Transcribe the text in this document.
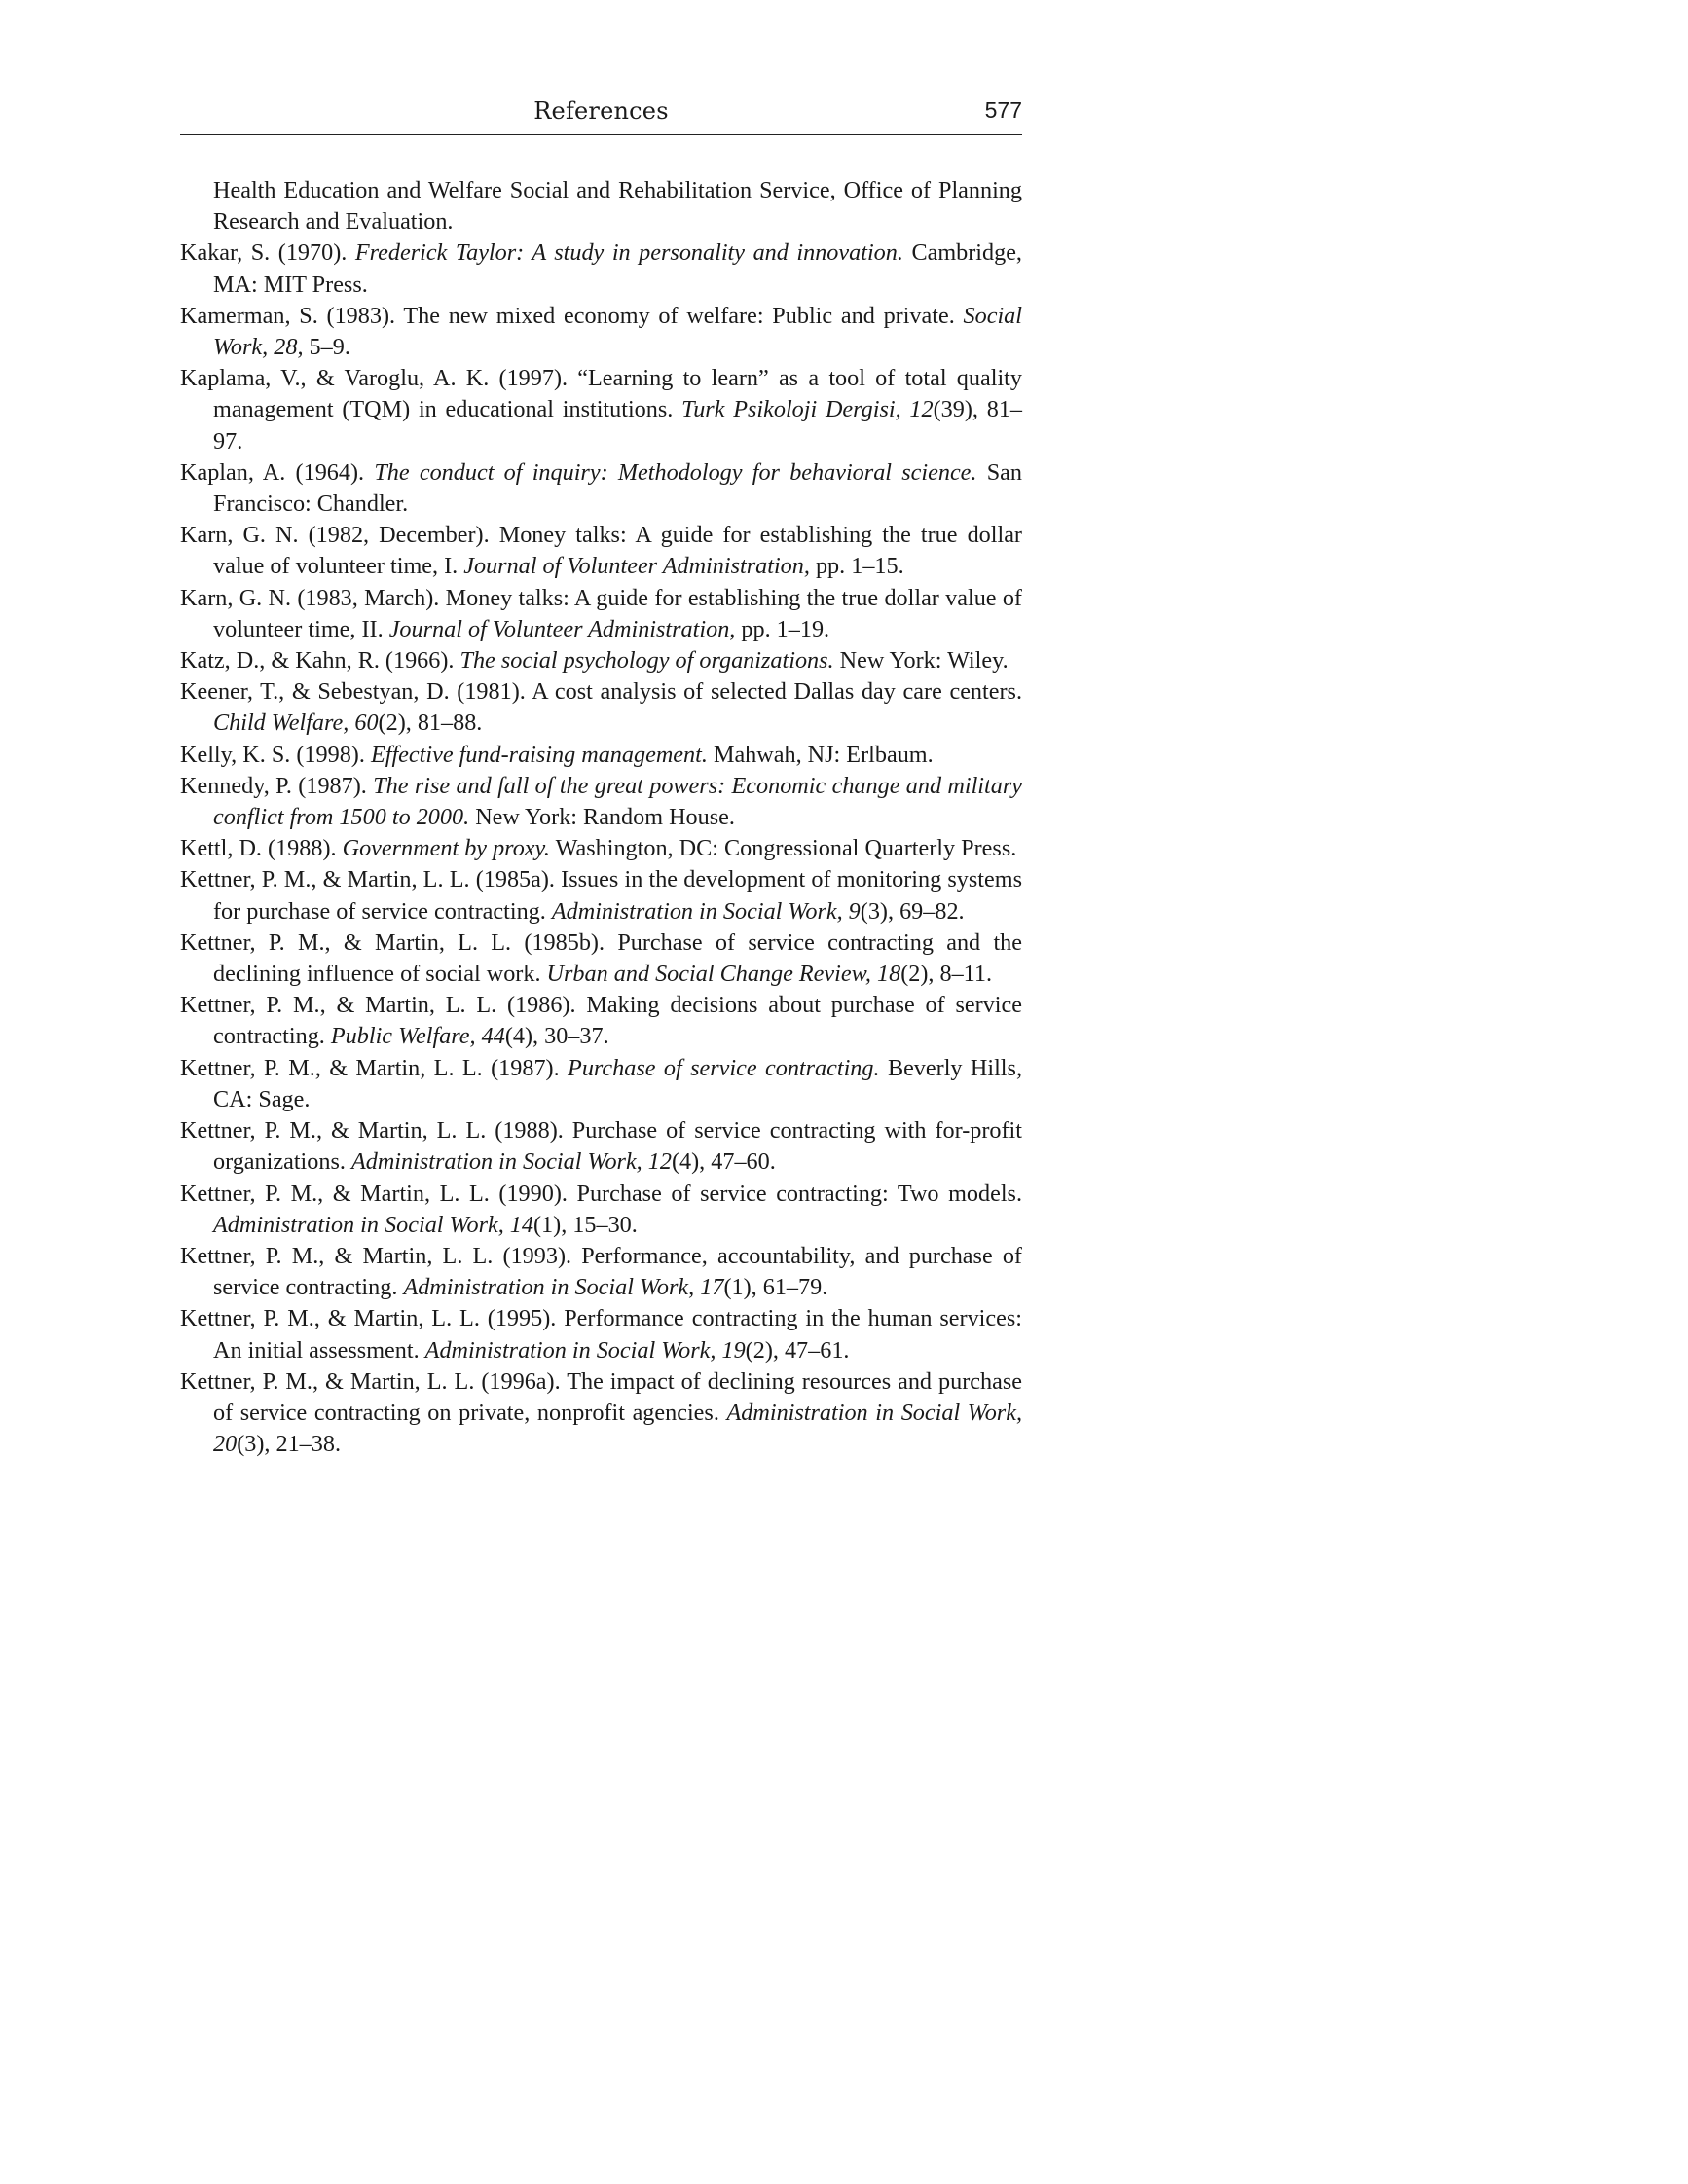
References	577
Health Education and Welfare Social and Rehabilitation Service, Office of Planning Research and Evaluation.
Kakar, S. (1970). Frederick Taylor: A study in personality and innovation. Cambridge, MA: MIT Press.
Kamerman, S. (1983). The new mixed economy of welfare: Public and private. Social Work, 28, 5–9.
Kaplama, V., & Varoglu, A. K. (1997). “Learning to learn” as a tool of total quality management (TQM) in educational institutions. Turk Psikoloji Dergisi, 12(39), 81–97.
Kaplan, A. (1964). The conduct of inquiry: Methodology for behavioral science. San Francisco: Chandler.
Karn, G. N. (1982, December). Money talks: A guide for establishing the true dollar value of volunteer time, I. Journal of Volunteer Administration, pp. 1–15.
Karn, G. N. (1983, March). Money talks: A guide for establishing the true dollar value of volunteer time, II. Journal of Volunteer Administration, pp. 1–19.
Katz, D., & Kahn, R. (1966). The social psychology of organizations. New York: Wiley.
Keener, T., & Sebestyan, D. (1981). A cost analysis of selected Dallas day care centers. Child Welfare, 60(2), 81–88.
Kelly, K. S. (1998). Effective fund-raising management. Mahwah, NJ: Erlbaum.
Kennedy, P. (1987). The rise and fall of the great powers: Economic change and military conflict from 1500 to 2000. New York: Random House.
Kettl, D. (1988). Government by proxy. Washington, DC: Congressional Quarterly Press.
Kettner, P. M., & Martin, L. L. (1985a). Issues in the development of monitoring systems for purchase of service contracting. Administration in Social Work, 9(3), 69–82.
Kettner, P. M., & Martin, L. L. (1985b). Purchase of service contracting and the declining influence of social work. Urban and Social Change Review, 18(2), 8–11.
Kettner, P. M., & Martin, L. L. (1986). Making decisions about purchase of service contracting. Public Welfare, 44(4), 30–37.
Kettner, P. M., & Martin, L. L. (1987). Purchase of service contracting. Beverly Hills, CA: Sage.
Kettner, P. M., & Martin, L. L. (1988). Purchase of service contracting with for-profit organizations. Administration in Social Work, 12(4), 47–60.
Kettner, P. M., & Martin, L. L. (1990). Purchase of service contracting: Two models. Administration in Social Work, 14(1), 15–30.
Kettner, P. M., & Martin, L. L. (1993). Performance, accountability, and purchase of service contracting. Administration in Social Work, 17(1), 61–79.
Kettner, P. M., & Martin, L. L. (1995). Performance contracting in the human services: An initial assessment. Administration in Social Work, 19(2), 47–61.
Kettner, P. M., & Martin, L. L. (1996a). The impact of declining resources and purchase of service contracting on private, nonprofit agencies. Administration in Social Work, 20(3), 21–38.
